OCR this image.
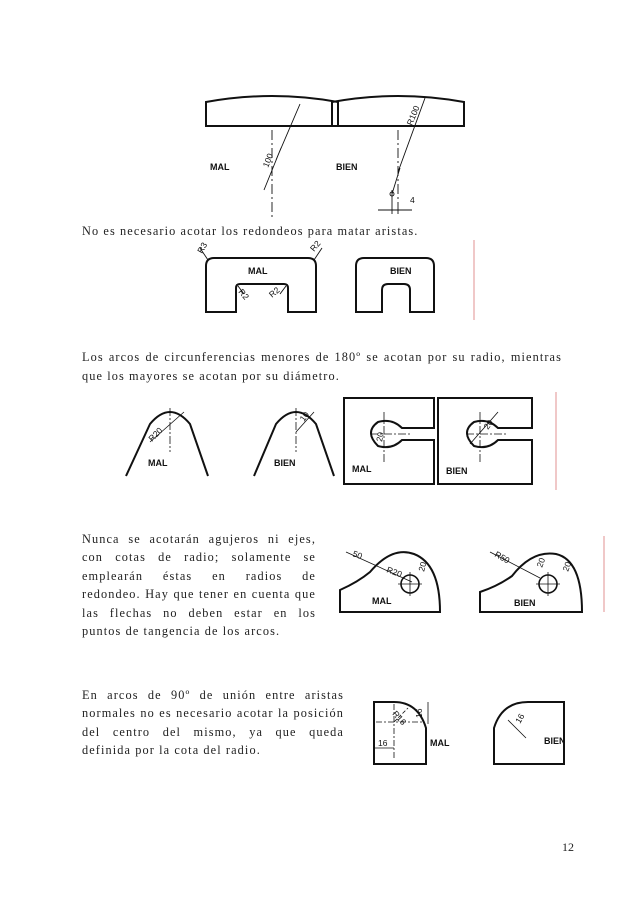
MAL	BIEN
100
R100
4

No es necesario acotar los redondeos para matar aristas.

MAL	BIEN
R3	R2
R2 R2

Los arcos de circunferencias menores de 180º se acotan por su radio, mientras que los mayores se acotan por su diámetro.

MAL	BIEN
MAL	BIEN
R20
10
20
20

Nunca se acotarán agujeros ni ejes, con cotas de radio; solamente se emplearán éstas en radios de redondeo. Hay que tener en cuenta que las flechas no deben estar en los puntos de tangencia de los arcos.

MAL	BIEN
50
R20 20
R50	20 20

En arcos de 90º de unión entre aristas normales no es necesario acotar la posición del centro del mismo, ya que queda definida por la cota del radio.

MAL	BIEN
R16 16
16
16
12
